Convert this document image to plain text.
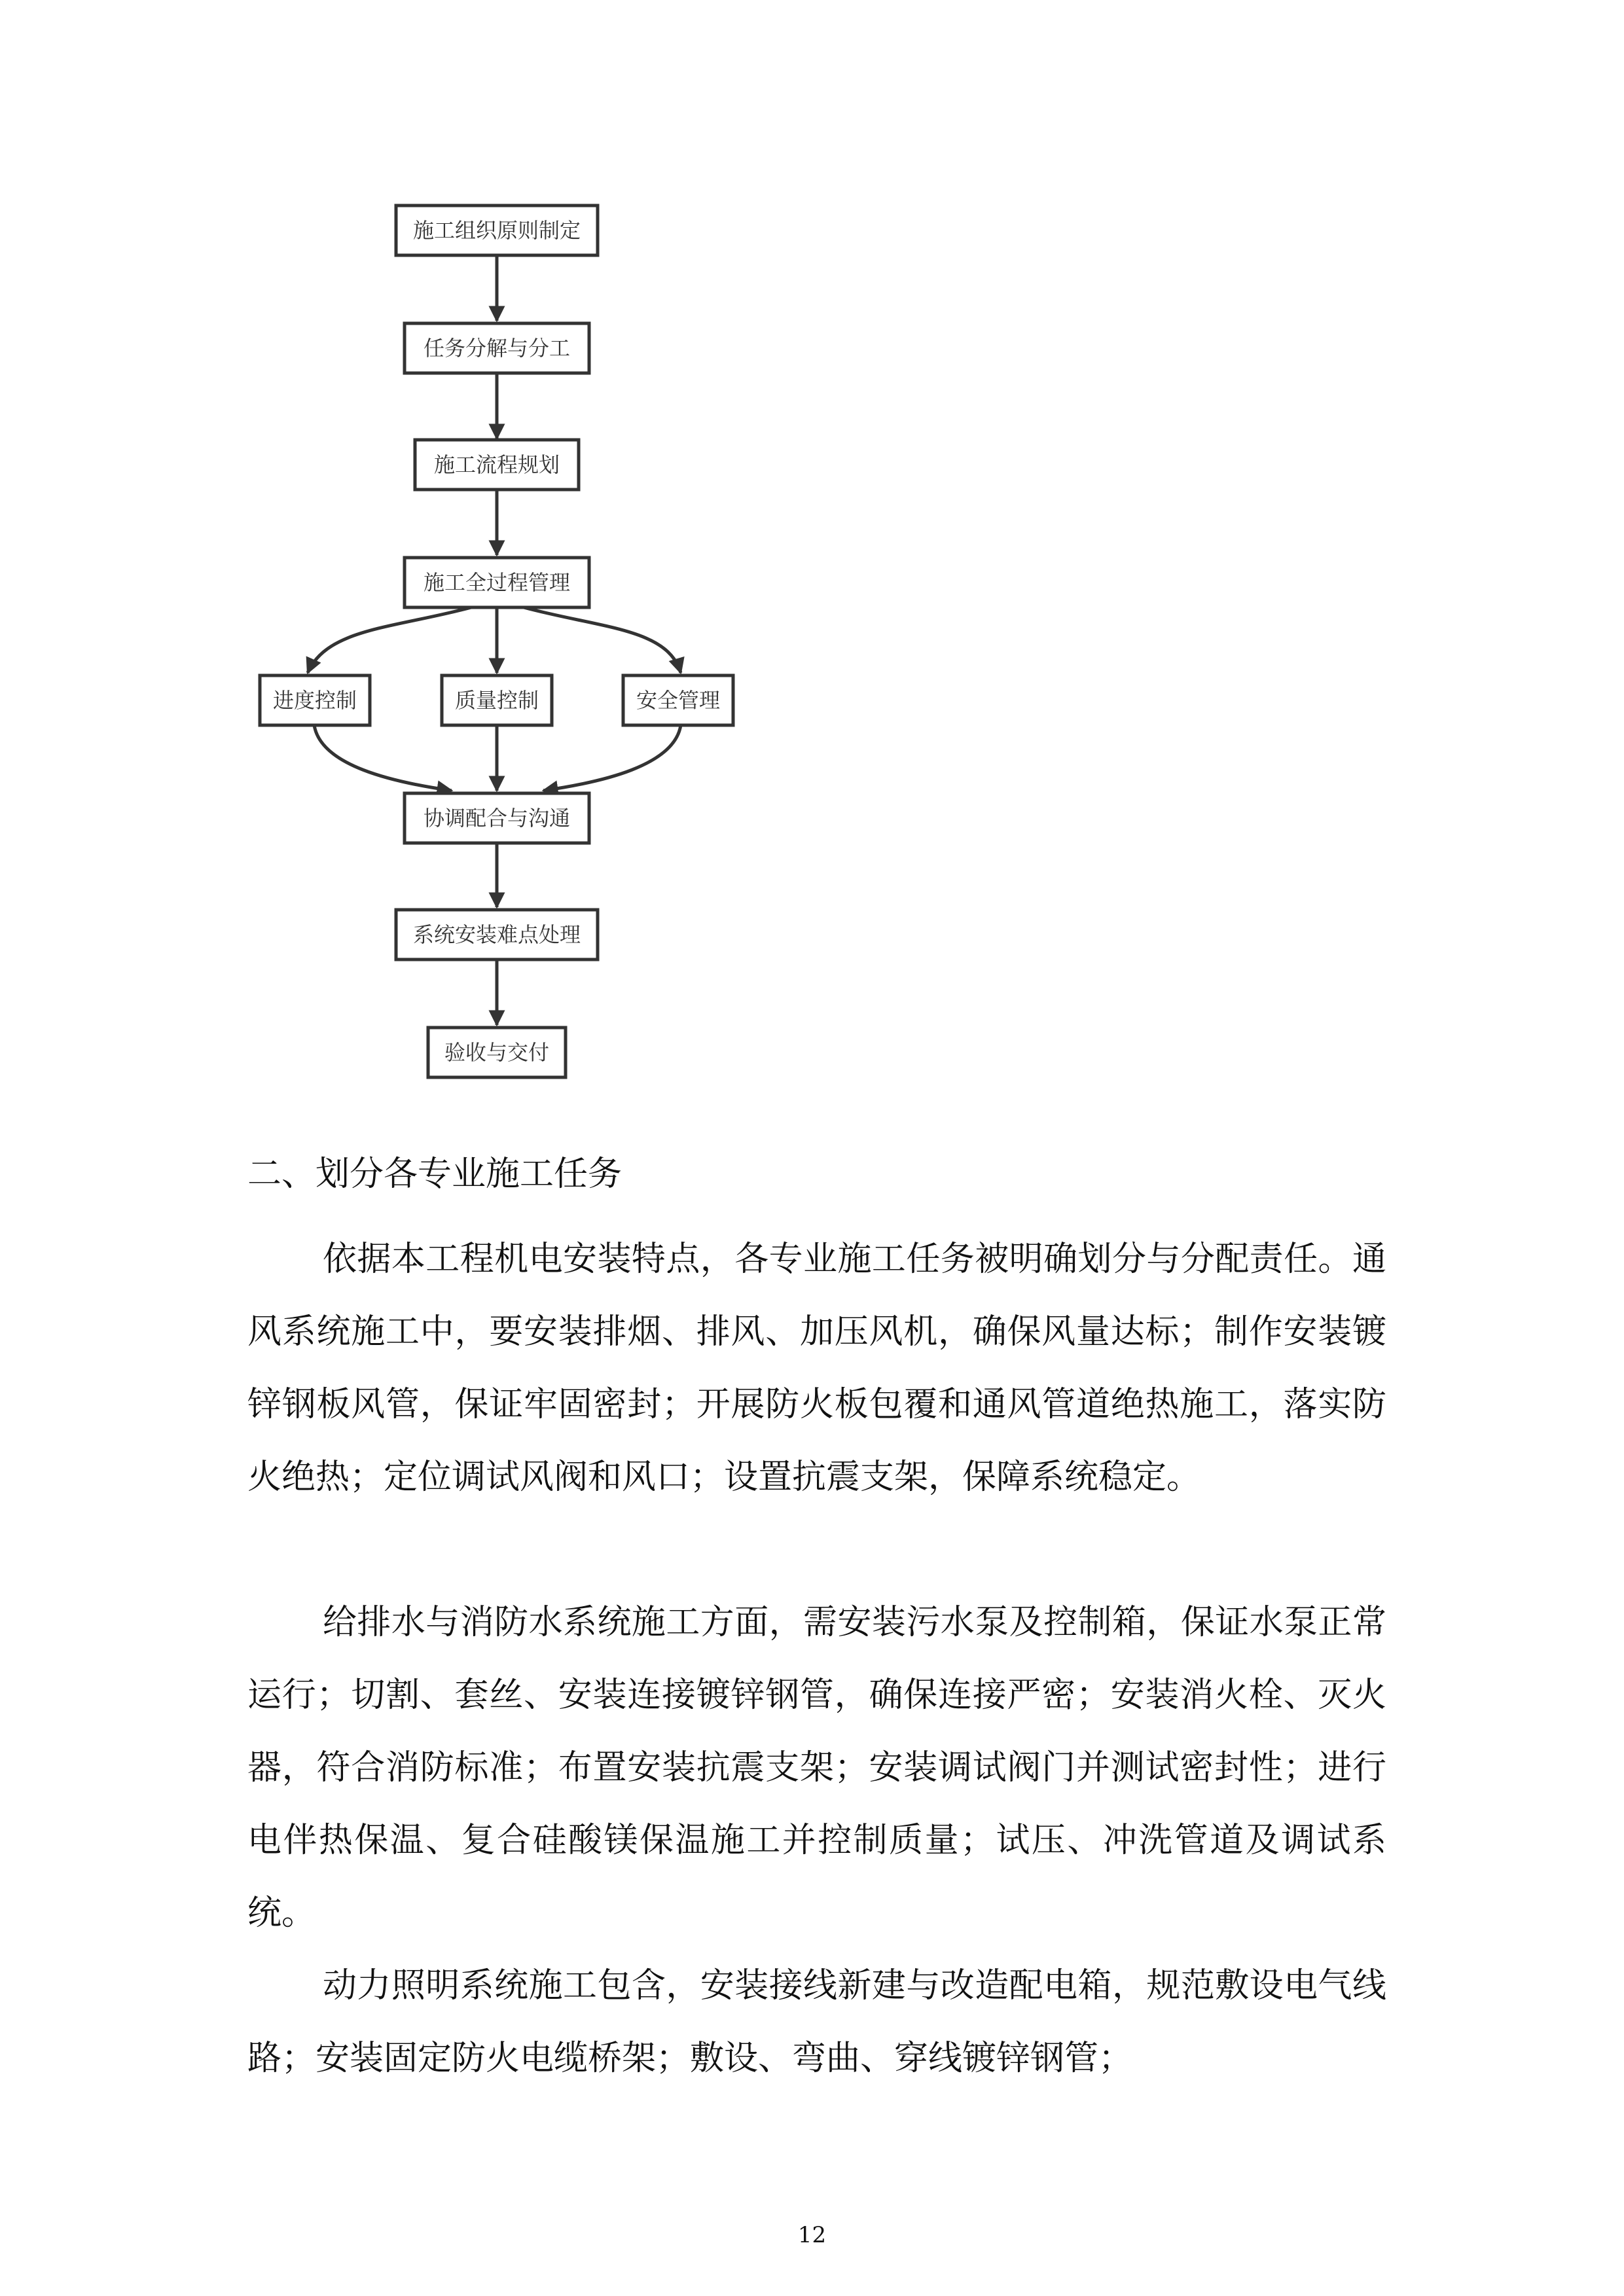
施工组织原则制定
任务分解与分工
施工流程规划
施工全过程管理
进度控制	质量控制	安全管理
协调配合与沟通
系统安装难点处理
验收与交付
二、划分各专业施工任务

依据本工程机电安装特点，各专业施工任务被明确划分与分配责任。通风系统施工中，要安装排烟、排风、加压风机，确保风量达标；制作安装镀锌钢板风管，保证牢固密封；开展防火板包覆和通风管道绝热施工，落实防火绝热；定位调试风阀和风口；设置抗震支架，保障系统稳定。

给排水与消防水系统施工方面，需安装污水泵及控制箱，保证水泵正常运行；切割、套丝、安装连接镀锌钢管，确保连接严密；安装消火栓、灭火器，符合消防标准；布置安装抗震支架；安装调试阀门并测试密封性；进行电伴热保温、复合硅酸镁保温施工并控制质量；试压、冲洗管道及调试系统。

动力照明系统施工包含，安装接线新建与改造配电箱，规范敷设电气线路；安装固定防火电缆桥架；敷设、弯曲、穿线镀锌钢管；

12
